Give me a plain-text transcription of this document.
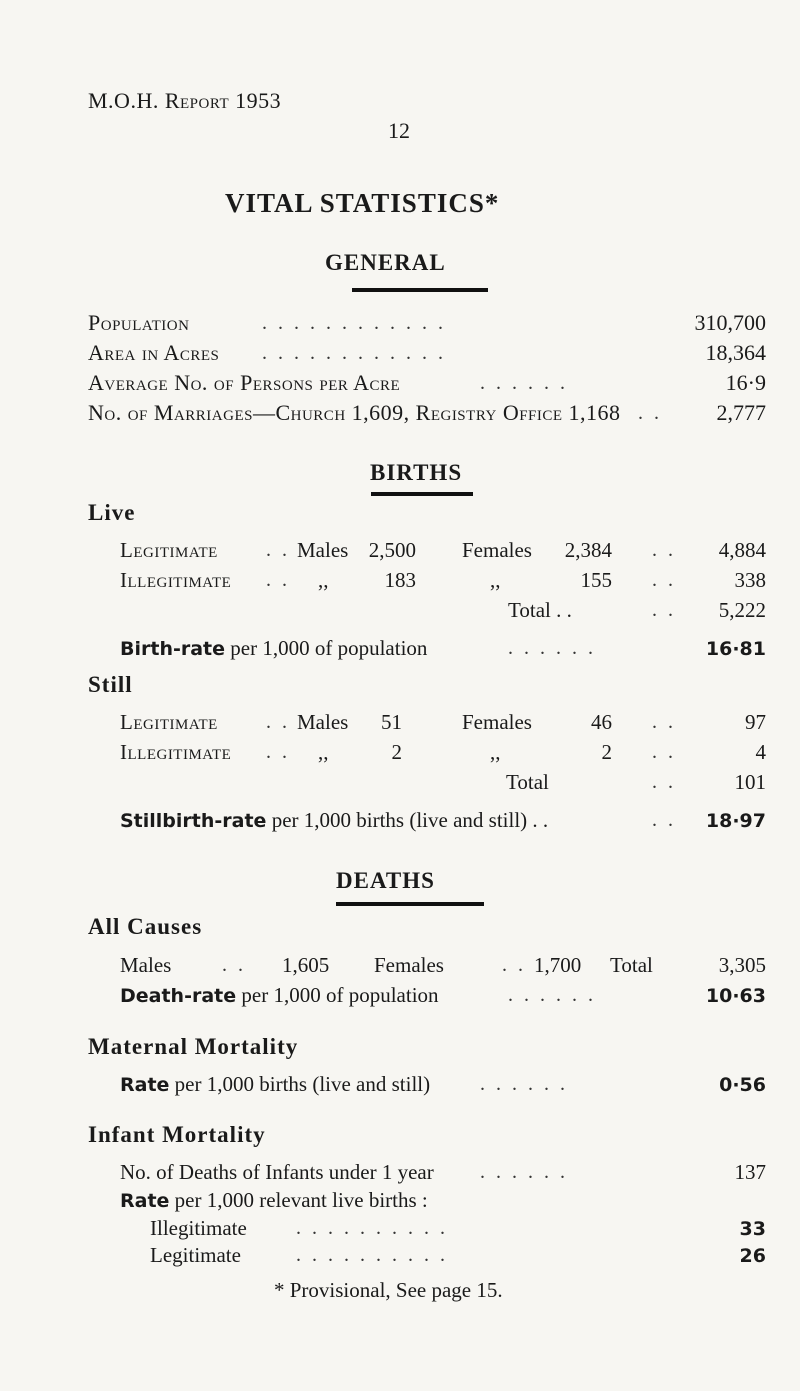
M.O.H. Report 1953
12
VITAL STATISTICS*
GENERAL
Population	. . . . . . . . . . . .	310,700
Area in Acres . . . . . . . . . . . .	18,364
Average No. of Persons per Acre	. . . . . .	16·9
No. of Marriages—Church 1,609, Registry Office 1,168 . . 2,777
BIRTHS
Live
Legitimate . . Males 2,500 Females 2,384 . . 4,884
Illegitimate . . ,,	183	,,	155 . .	338
Total . .	. . 5,222
Birth-rate per 1,000 of population	. . . . . .	16·81
Still
Legitimate . . Males 51	Females	46 . .	97
Illegitimate . . ,,	2	,,	2 . .	4
Total	. .	101
Stillbirth-rate per 1,000 births (live and still) . .	. . 18·97
DEATHS
All Causes
Males	. . 1,605 Females	. . 1,700 Total	3,305
Death-rate per 1,000 of population	. . . . . .	10·63
Maternal Mortality
Rate per 1,000 births (live and still) . . . . . .	0·56
Infant Mortality
No. of Deaths of Infants under 1 year . . . . . .	137
Rate per 1,000 relevant live births :
Illegitimate . . . . . . . . . .	33
Legitimate	. . . . . . . . . .	26
* Provisional, See page 15.
